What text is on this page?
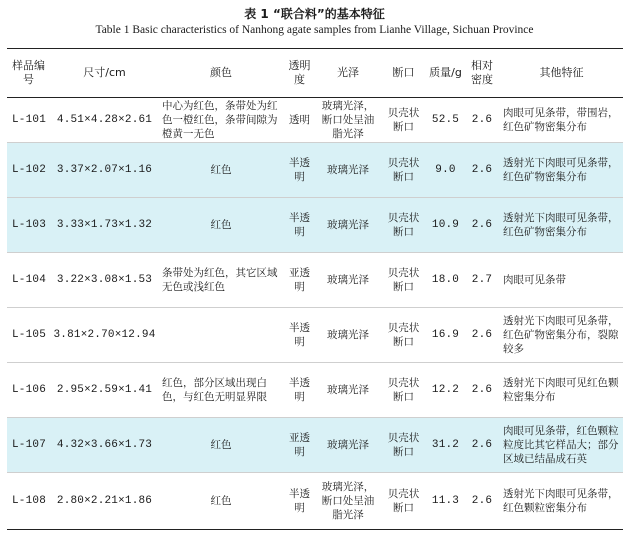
表 1 “联合料”的基本特征
Table 1 Basic characteristics of Nanhong agate samples from Lianhe Village, Sichuan Province
样品编号	尺寸/cm	颜色	透明度	光泽	断口	质量/g	相对密度	其他特征
L-101	4.51×4.28×2.61	中心为红色，条带处为红色一橙红色，条带间隙为橙黄一无色	透明	玻璃光泽，断口处呈油脂光泽	贝壳状断口	52.5	2.6	肉眼可见条带，带围岩，红色矿物密集分布
L-102	3.37×2.07×1.16	红色	半透明	玻璃光泽	贝壳状断口	9.0	2.6	透射光下肉眼可见条带，红色矿物密集分布
L-103	3.33×1.73×1.32	红色	半透明	玻璃光泽	贝壳状断口	10.9	2.6	透射光下肉眼可见条带，红色矿物密集分布
L-104	3.22×3.08×1.53	条带处为红色，其它区域无色或浅红色	亚透明	玻璃光泽	贝壳状断口	18.0	2.7	肉眼可见条带
L-105	3.81×2.70×12.94		半透明	玻璃光泽	贝壳状断口	16.9	2.6	透射光下肉眼可见条带，红色矿物密集分布，裂隙较多
L-106	2.95×2.59×1.41	红色，部分区域出现白色，与红色无明显界限	半透明	玻璃光泽	贝壳状断口	12.2	2.6	透射光下肉眼可见红色颗粒密集分布
L-107	4.32×3.66×1.73	红色	亚透明	玻璃光泽	贝壳状断口	31.2	2.6	肉眼可见条带，红色颗粒粒度比其它样品大；部分区域已结晶成石英
L-108	2.80×2.21×1.86	红色	半透明	玻璃光泽，断口处呈油脂光泽	贝壳状断口	11.3	2.6	透射光下肉眼可见条带，红色颗粒密集分布
